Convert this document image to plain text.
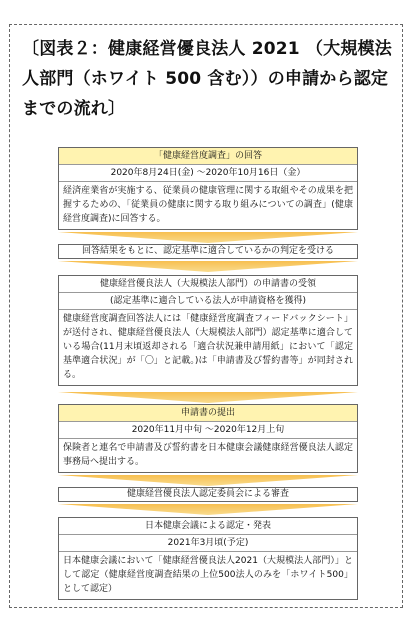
〔図表２：健康経営優良法人 2021 （大規模法人部門（ホワイト 500 含む））の申請から認定までの流れ〕
「健康経営度調査」の回答
2020年8月24日(金) ～2020年10月16日（金）
経済産業省が実施する、従業員の健康管理に関する取組やその成果を把握するための、「従業員の健康に関する取り組みについての調査」(健康経営度調査)に回答する。
回答結果をもとに、認定基準に適合しているかの判定を受ける
健康経営優良法人（大規模法人部門）の申請書の受領
(認定基準に適合している法人が申請資格を獲得)
健康経営度調査回答法人には「健康経営度調査フィードバックシート」が送付され、健康経営優良法人（大規模法人部門）認定基準に適合している場合(11月末頃返却される「適合状況兼申請用紙」において「認定基準適合状況」が「〇」と記載。)は「申請書及び誓約書等」が同封される。
申請書の提出
2020年11月中旬 ～2020年12月上旬
保険者と連名で申請書及び誓約書を日本健康会議健康経営優良法人認定事務局へ提出する。
健康経営優良法人認定委員会による審査
日本健康会議による認定・発表
2021年3月頃(予定)
日本健康会議において「健康経営優良法人2021（大規模法人部門）」として認定（健康経営度調査結果の上位500法人のみを「ホワイト500」として認定）
